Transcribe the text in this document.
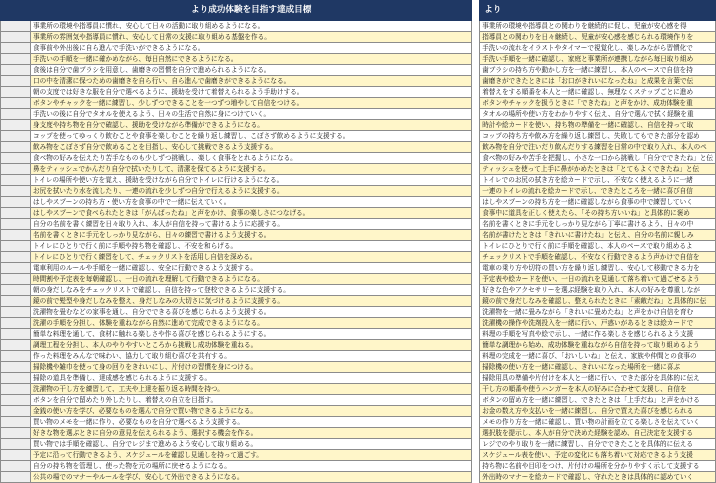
	より成功体験を目指す達成目標		より
	事業所の環境や指導員に慣れ、安心して日々の活動に取り組めるようになる。		事業所の環境や指導員との関わりを継続的に促し、児童が安心感を得
	事業所の雰囲気や指導員に慣れ、安心して日常の支援に取り組める基盤を作る。		指導員との関わりを日々継続し、児童が安心感を感じられる環境作りを
	食事前や外出後に自ら進んで手洗いができるようになる。		手洗いの流れをイラストやタイマーで視覚化し、楽しみながら習慣化で
	手洗いの手順を一緒に確かめながら、毎日自然にできるようになる。		手洗い手順を一緒に確認し、家庭と事業所が連携しながら毎日取り組め
	食後は自分で歯ブラシを用意し、歯磨きの習慣を自分で進められるようになる。		歯ブラシの持ち方や動かし方を一緒に練習し、本人のペースで自信を持
	口の中を清潔に保つための歯磨きを自ら行い、自ら進んで歯磨きができるようになる。		歯磨きができたときには「お口がきれいになったね」と成果を言葉で伝
	朝の支度では好きな服を自分で選べるように、援助を受けて着替えられるよう手助けする。		着替えをする順番を本人と一緒に確認し、無理なくステップごとに進め
	ボタンやチャックを一緒に練習し、少しずつできることを一つずつ増やして自信をつける。		ボタンやチャックを扱うときに「できたね」と声をかけ、成功体験を重
	手洗いの後に自分でタオルを使えるよう、日々の生活で自然に身につけていく。		タオルの場所や使い方をわかりやすく伝え、自分で選んで拭く経験を重
	身支度や持ち物を自分で確認し、援助を受けながら準備ができるようになる。		時計や絵カードを使い、持ち物の準備を一緒に確認し、自信を持って取
	コップを使ってゆっくり飲むことや食事を楽しむことを繰り返し練習し、こぼさず飲めるように支援する。		コップの持ち方や飲み方を繰り返し練習し、失敗してもできた部分を認め
	飲み物をこぼさず自分で飲めることを目指し、安心して挑戦できるよう支援する。		飲み物を自分で注いだり飲んだりする練習を日常の中で取り入れ、本人のペ
	食べ物の好みを伝えたり苦手なものも少しずつ挑戦し、楽しく食事をとれるようになる。		食べ物の好みや苦手を把握し、小さな一口から挑戦し「自分でできたね」と伝
	鼻をティッシュでかんだり自分で拭いたりして、清潔を保てるように支援する。		ティッシュを使って上手に鼻がかめたときは「とてもよくできたね」と伝
	トイレの場所や使い方を覚え、援助を受けながら自分でトイレに行けるようになる。		トイレでのお尻の拭き方を絵カードで示し、不安なく使えるように一緒
	お尻を拭いたり水を流したり、一連の流れを少しずつ自分で行えるように支援する。		一連のトイレの流れを絵カードで示し、できたところを一緒に喜び自信
	はしやスプーンの持ち方・使い方を食事の中で一緒に伝えていく。		はしやスプーンの持ち方を一緒に確認しながら食事の中で練習していく
	はしやスプーンで食べられたときは「がんばったね」と声をかけ、食事の楽しさにつなげる。		食事中に道具を正しく使えたら、「その持ち方いいね」と具体的に褒め
	自分の名前を書く練習を日々取り入れ、本人が自信を持って書けるように応援する。		名前を書くときに手元をしっかり見ながら丁寧に書けるよう、日々の中
	名前を書くときに手元をしっかり見ながら、日々の練習で書けるよう支援する。		名前が書けたときは「きれいに書けたね」と伝え、自分の名前に親しみ
	トイレにひとりで行く前に手順や持ち物を確認し、不安を和らげる。		トイレにひとりで行く前に手順を確認し、本人のペースで取り組めるよ
	トイレにひとりで行く練習をして、チェックリストを活用し自信を深める。		チェックリストで手順を確認し、不安なく行動できるよう声かけで自信を
	電車利用のルールや手順を一緒に確認し、安全に行動できるよう支援する。		電車の乗り方や切符の買い方を繰り返し練習し、安心して移動できる力を
	時間割や予定表を毎朝確認し、一日の流れを理解して行動できるようになる。		予定表や絵カードを使い、一日の流れを見通して落ち着いて過ごせるよう
	朝の身だしなみをチェックリストで確認し、自信を持って登校できるように支援する。		好きな色やアクセサリーを選ぶ経験を取り入れ、本人の好みを尊重しなが
	鏡の前で髪型や身だしなみを整え、身だしなみの大切さに気づけるように支援する。		鏡の前で身だしなみを確認し、整えられたときに「素敵だね」と具体的に伝
	洗濯物を畳むなどの家事を通し、自分でできる喜びを感じられるよう支援する。		洗濯物を一緒に畳みながら「きれいに畳めたね」と声をかけ自信を育む
	洗濯の手順を分担し、体験を重ねながら自然に進めて完成できるようになる。		洗濯機の操作や洗剤投入を一緒に行い、戸惑いがあるときは絵カードで
	簡単な料理を通して、食材に触れる楽しさや作る喜びを感じられるようにする。		料理の手順を写真や絵で示し、一緒に作る楽しさを感じられるよう支援
	調理工程を分担し、本人のやりやすいところから挑戦し成功体験を重ねる。		簡単な調理から始め、成功体験を重ねながら自信を持って取り組めるよう
	作った料理をみんなで味わい、協力して取り組む喜びを共有する。		料理の完成を一緒に喜び、「おいしいね」と伝え、家族や仲間との食事の
	掃除機や雑巾を使って身の回りをきれいにし、片付けの習慣を身につける。		掃除機の使い方を一緒に確認し、きれいになった場所を一緒に喜ぶ
	掃除の道具を準備し、達成感を感じられるように支援する。		掃除用具の準備や片付けを本人と一緒に行い、できた部分を具体的に伝え
	洗濯物の干し方を練習して、工夫や上達を振り返る時間を持つ。		干し方の順番や使うハンガーを本人の好みに合わせて支援し、自信を
	ボタンを自分で留めたり外したりし、着替えの自立を目指す。		ボタンの留め方を一緒に練習し、できたときは「上手だね」と声をかける
	金銭の使い方を学び、必要なものを選んで自分で買い物できるようになる。		お金の数え方や支払いを一緒に練習し、自分で買えた喜びを感じられる
	買い物のメモを一緒に作り、必要なものを自分で選べるよう支援する。		メモの作り方を一緒に確認し、買い物の計画を立てる楽しさを伝えていく
	好きな物を選ぶときに自分の意見を伝えられるよう、選択する機会を作る。		選択肢を提示し、本人が自分で決めた経験を認め、自己決定を支援する
	買い物では手順を確認し、自分でレジまで進めるよう安心して取り組める。		レジでのやり取りを一緒に練習し、自分でできたことを具体的に伝える
	予定に沿って行動できるよう、スケジュールを確認し見通しを持って過ごす。		スケジュール表を使い、予定の変化にも落ち着いて対応できるよう支援
	自分の持ち物を管理し、使った物を元の場所に戻せるようになる。		持ち物に名前や目印をつけ、片付けの場所を分かりやすく示して支援する
	公共の場でのマナーやルールを学び、安心して外出できるようになる。		外出時のマナーを絵カードで確認し、守れたときは具体的に認めていく
